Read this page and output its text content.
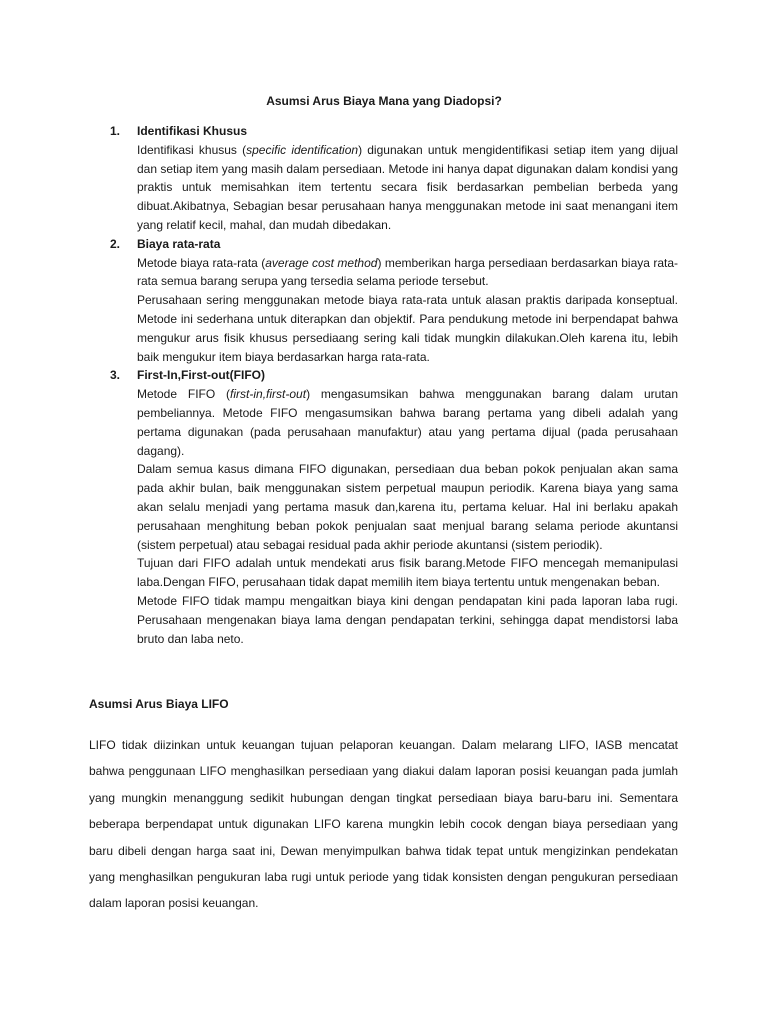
Asumsi Arus Biaya Mana yang Diadopsi?
1. Identifikasi Khusus

Identifikasi khusus (specific identification) digunakan untuk mengidentifikasi setiap item yang dijual dan setiap item yang masih dalam persediaan. Metode ini hanya dapat digunakan dalam kondisi yang praktis untuk memisahkan item tertentu secara fisik berdasarkan pembelian berbeda yang dibuat.Akibatnya, Sebagian besar perusahaan hanya menggunakan metode ini saat menangani item yang relatif kecil, mahal, dan mudah dibedakan.

2. Biaya rata-rata

Metode biaya rata-rata (average cost method) memberikan harga persediaan berdasarkan biaya rata-rata semua barang serupa yang tersedia selama periode tersebut.

Perusahaan sering menggunakan metode biaya rata-rata untuk alasan praktis daripada konseptual. Metode ini sederhana untuk diterapkan dan objektif. Para pendukung metode ini berpendapat bahwa mengukur arus fisik khusus persediaang sering kali tidak mungkin dilakukan.Oleh karena itu, lebih baik mengukur item biaya berdasarkan harga rata-rata.

3. First-In,First-out(FIFO)

Metode FIFO (first-in,first-out) mengasumsikan bahwa menggunakan barang dalam urutan pembeliannya. Metode FIFO mengasumsikan bahwa barang pertama yang dibeli adalah yang pertama digunakan (pada perusahaan manufaktur) atau yang pertama dijual (pada perusahaan dagang).

Dalam semua kasus dimana FIFO digunakan, persediaan dua beban pokok penjualan akan sama pada akhir bulan, baik menggunakan sistem perpetual maupun periodik. Karena biaya yang sama akan selalu menjadi yang pertama masuk dan,karena itu, pertama keluar. Hal ini berlaku apakah perusahaan menghitung beban pokok penjualan saat menjual barang selama periode akuntansi (sistem perpetual) atau sebagai residual pada akhir periode akuntansi (sistem periodik).

Tujuan dari FIFO adalah untuk mendekati arus fisik barang.Metode FIFO mencegah memanipulasi laba.Dengan FIFO, perusahaan tidak dapat memilih item biaya tertentu untuk mengenakan beban.

Metode FIFO tidak mampu mengaitkan biaya kini dengan pendapatan kini pada laporan laba rugi. Perusahaan mengenakan biaya lama dengan pendapatan terkini, sehingga dapat mendistorsi laba bruto dan laba neto.

Asumsi Arus Biaya LIFO

LIFO tidak diizinkan untuk keuangan tujuan pelaporan keuangan. Dalam melarang LIFO, IASB mencatat bahwa penggunaan LIFO menghasilkan persediaan yang diakui dalam laporan posisi keuangan pada jumlah yang mungkin menanggung sedikit hubungan dengan tingkat persediaan biaya baru-baru ini. Sementara beberapa berpendapat untuk digunakan LIFO karena mungkin lebih cocok dengan biaya persediaan yang baru dibeli dengan harga saat ini, Dewan menyimpulkan bahwa tidak tepat untuk mengizinkan pendekatan yang menghasilkan pengukuran laba rugi untuk periode yang tidak konsisten dengan pengukuran persediaan dalam laporan posisi keuangan.
